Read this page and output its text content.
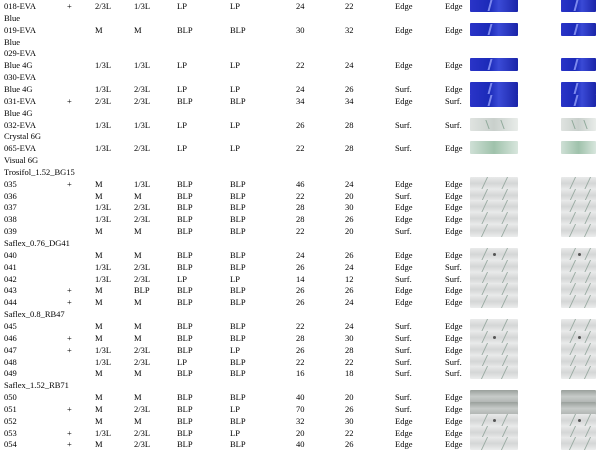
018-EVA	+	2/3L	1/3L	LP	LP	24	22	Edge	Edge
Blue
019-EVA	M	M	BLP	BLP	30	32	Edge	Edge
Blue
029-EVA
Blue 4G	1/3L	1/3L	LP	LP	22	24	Edge	Edge
030-EVA
Blue 4G	1/3L	2/3L	LP	LP	24	26	Surf.	Edge
031-EVA	+	2/3L	2/3L	BLP	BLP	34	34	Edge	Surf.
Blue 4G
032-EVA	1/3L	1/3L	LP	LP	26	28	Surf.	Surf.
Crystal 6G
065-EVA	1/3L	2/3L	LP	LP	22	28	Surf.	Edge
Visual 6G
Trosifol_1.52_BG15
035	+	M	1/3L	BLP	BLP	46	24	Edge	Edge
036	M	M	BLP	BLP	22	20	Surf.	Edge
037	1/3L	2/3L	BLP	BLP	28	30	Edge	Edge
038	1/3L	2/3L	BLP	BLP	28	26	Edge	Edge
039	M	M	BLP	BLP	22	20	Surf.	Edge
Saflex_0.76_DG41
040	M	M	BLP	BLP	24	26	Edge	Edge
041	1/3L	2/3L	BLP	BLP	26	24	Edge	Surf.
042	1/3L	2/3L	LP	LP	14	12	Surf.	Surf.
043	+	M	BLP	BLP	BLP	26	26	Edge	Edge
044	+	M	M	BLP	BLP	26	24	Edge	Edge
Saflex_0.8_RB47
045	M	M	BLP	BLP	22	24	Surf.	Edge
046	+	M	M	BLP	BLP	28	30	Surf.	Edge
047	+	1/3L	2/3L	BLP	LP	26	28	Surf.	Edge
048	1/3L	2/3L	LP	BLP	22	22	Surf.	Surf.
049	M	M	BLP	BLP	16	18	Surf.	Surf.
Saflex_1.52_RB71
050	M	M	BLP	BLP	40	20	Surf.	Edge
051	+	M	2/3L	BLP	LP	70	26	Surf.	Edge
052	M	M	BLP	BLP	32	30	Edge	Edge
053	+	1/3L	2/3L	BLP	LP	20	22	Edge	Edge
054	+	M	2/3L	BLP	BLP	40	26	Edge	Edge
